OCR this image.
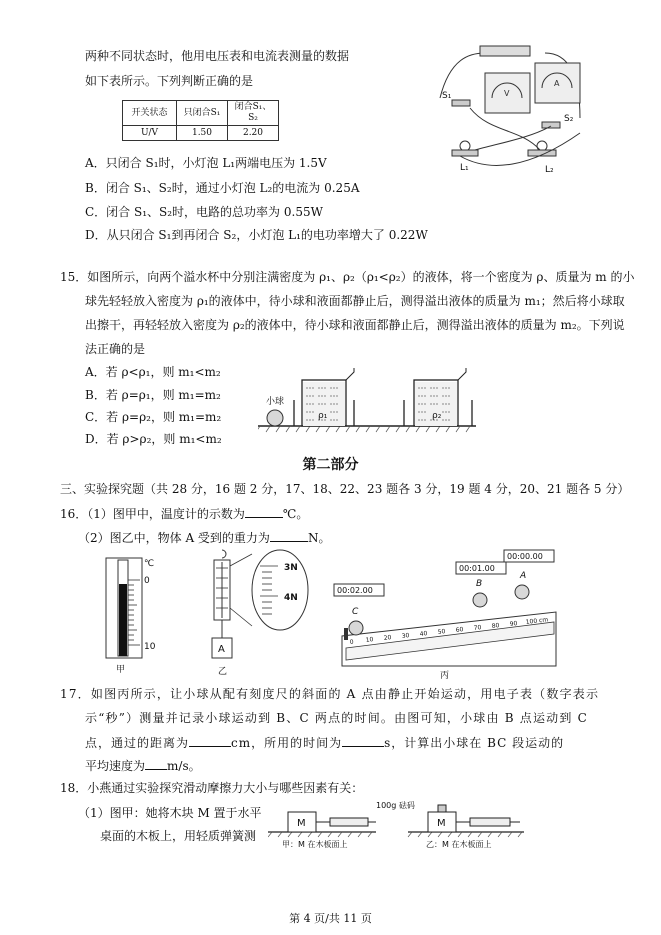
两种不同状态时，他用电压表和电流表测量的数据
如下表所示。下列判断正确的是
开关状态	只闭合S₁	闭合S₁、S₂
U/V	1.50	2.20
A．只闭合 S₁时，小灯泡 L₁两端电压为 1.5V
B．闭合 S₁、S₂时，通过小灯泡 L₂的电流为 0.25A
C．闭合 S₁、S₂时，电路的总功率为 0.55W
D．从只闭合 S₁到再闭合 S₂，小灯泡 L₁的电功率增大了 0.22W
V
A
S₁
S₂
L₁	L₂
15．如图所示，向两个溢水杯中分别注满密度为 ρ₁、ρ₂（ρ₁<ρ₂）的液体，将一个密度为 ρ、质量为 m 的小
球先轻轻放入密度为 ρ₁的液体中，待小球和液面都静止后，测得溢出液体的质量为 m₁；然后将小球取
出擦干，再轻轻放入密度为 ρ₂的液体中，待小球和液面都静止后，测得溢出液体的质量为 m₂。下列说
法正确的是
A．若 ρ<ρ₁，则 m₁<m₂
B．若 ρ=ρ₁，则 m₁=m₂
C．若 ρ=ρ₂，则 m₁=m₂
D．若 ρ>ρ₂，则 m₁<m₂
小球
ρ₁	ρ₂
第二部分
三、实验探究题（共 28 分，16 题 2 分，17、18、22、23 题各 3 分，19 题 4 分，20、21 题各 5 分）
16．（1）图甲中，温度计的示数为	℃。
（2）图乙中，物体 A 受到的重力为	N。
℃
0
10
甲
A
3N
4N
乙
0 10 20 30 40 50 60 70 80 90 100 cm
C
B
A
00:02.00
00:01.00
00:00.00
丙
17．如图丙所示，让小球从配有刻度尺的斜面的 A 点由静止开始运动，用电子表（数字表示
示“秒”）测量并记录小球运动到 B、C 两点的时间。由图可知，小球由 B 点运动到 C
点，通过的距离为	cm，所用的时间为	s，计算出小球在 BC 段运动的
平均速度为 m/s。
18．小燕通过实验探究滑动摩擦力大小与哪些因素有关：
（1）图甲：她将木块 M 置于水平
桌面的木板上，用轻质弹簧测
M
甲：M 在木板面上
M
100g 砝码
乙：M 在木板面上
第 4 页/共 11 页
